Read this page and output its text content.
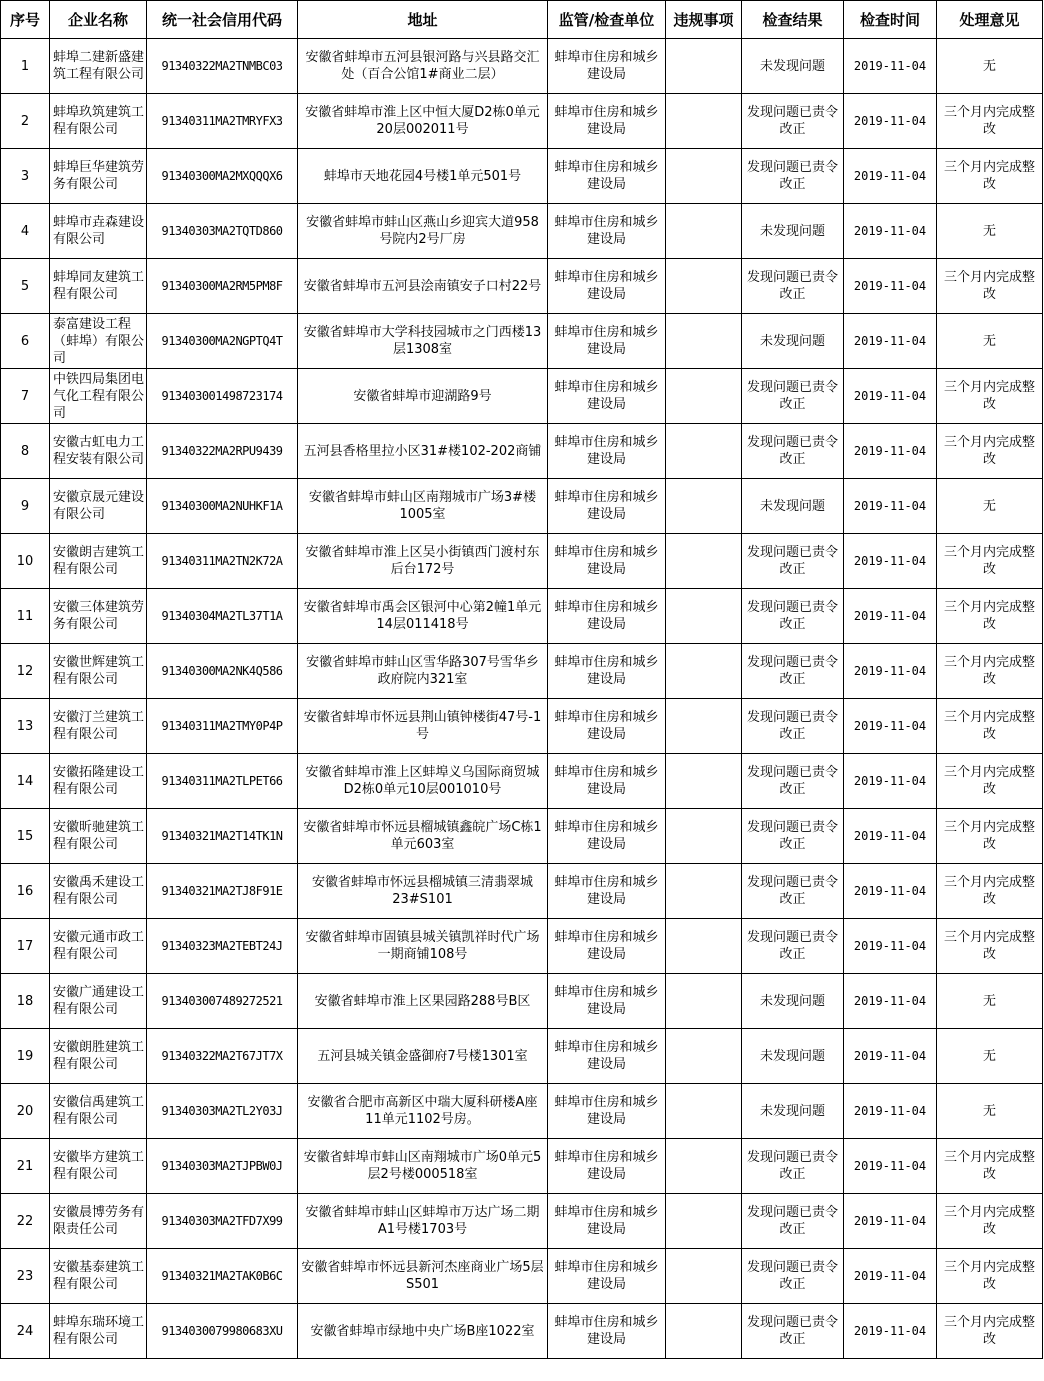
序号	企业名称	统一社会信用代码	地址	监管/检查单位	违规事项	检查结果	检查时间	处理意见
1	蚌埠二建新盛建筑工程有限公司	91340322MA2TNMBC03	安徽省蚌埠市五河县银河路与兴县路交汇处（百合公馆1#商业二层）	蚌埠市住房和城乡建设局		未发现问题	2019-11-04	无
2	蚌埠玖筑建筑工程有限公司	91340311MA2TMRYFX3	安徽省蚌埠市淮上区中恒大厦D2栋0单元20层002011号	蚌埠市住房和城乡建设局		发现问题已责令改正	2019-11-04	三个月内完成整改
3	蚌埠巨华建筑劳务有限公司	91340300MA2MXQQQX6	蚌埠市天地花园4号楼1单元501号	蚌埠市住房和城乡建设局		发现问题已责令改正	2019-11-04	三个月内完成整改
4	蚌埠市垚森建设有限公司	91340303MA2TQTD860	安徽省蚌埠市蚌山区燕山乡迎宾大道958号院内2号厂房	蚌埠市住房和城乡建设局		未发现问题	2019-11-04	无
5	蚌埠同友建筑工程有限公司	91340300MA2RM5PM8F	安徽省蚌埠市五河县浍南镇安子口村22号	蚌埠市住房和城乡建设局		发现问题已责令改正	2019-11-04	三个月内完成整改
6	泰富建设工程（蚌埠）有限公司	91340300MA2NGPTQ4T	安徽省蚌埠市大学科技园城市之门西楼13层1308室	蚌埠市住房和城乡建设局		未发现问题	2019-11-04	无
7	中铁四局集团电气化工程有限公司	913403001498723174	安徽省蚌埠市迎湖路9号	蚌埠市住房和城乡建设局		发现问题已责令改正	2019-11-04	三个月内完成整改
8	安徽古虹电力工程安装有限公司	91340322MA2RPU9439	五河县香格里拉小区31#楼102-202商铺	蚌埠市住房和城乡建设局		发现问题已责令改正	2019-11-04	三个月内完成整改
9	安徽京晟元建设有限公司	91340300MA2NUHKF1A	安徽省蚌埠市蚌山区南翔城市广场3#楼1005室	蚌埠市住房和城乡建设局		未发现问题	2019-11-04	无
10	安徽朗吉建筑工程有限公司	91340311MA2TN2K72A	安徽省蚌埠市淮上区吴小街镇西门渡村东后台172号	蚌埠市住房和城乡建设局		发现问题已责令改正	2019-11-04	三个月内完成整改
11	安徽三体建筑劳务有限公司	91340304MA2TL37T1A	安徽省蚌埠市禹会区银河中心第2幢1单元14层011418号	蚌埠市住房和城乡建设局		发现问题已责令改正	2019-11-04	三个月内完成整改
12	安徽世辉建筑工程有限公司	91340300MA2NK4Q586	安徽省蚌埠市蚌山区雪华路307号雪华乡政府院内321室	蚌埠市住房和城乡建设局		发现问题已责令改正	2019-11-04	三个月内完成整改
13	安徽汀兰建筑工程有限公司	91340311MA2TMY0P4P	安徽省蚌埠市怀远县荆山镇钟楼街47号-1号	蚌埠市住房和城乡建设局		发现问题已责令改正	2019-11-04	三个月内完成整改
14	安徽拓隆建设工程有限公司	91340311MA2TLPET66	安徽省蚌埠市淮上区蚌埠义乌国际商贸城D2栋0单元10层001010号	蚌埠市住房和城乡建设局		发现问题已责令改正	2019-11-04	三个月内完成整改
15	安徽昕驰建筑工程有限公司	91340321MA2T14TK1N	安徽省蚌埠市怀远县榴城镇鑫皖广场C栋1单元603室	蚌埠市住房和城乡建设局		发现问题已责令改正	2019-11-04	三个月内完成整改
16	安徽禹禾建设工程有限公司	91340321MA2TJ8F91E	安徽省蚌埠市怀远县榴城镇三清翡翠城23#S101	蚌埠市住房和城乡建设局		发现问题已责令改正	2019-11-04	三个月内完成整改
17	安徽元通市政工程有限公司	91340323MA2TEBT24J	安徽省蚌埠市固镇县城关镇凯祥时代广场一期商铺108号	蚌埠市住房和城乡建设局		发现问题已责令改正	2019-11-04	三个月内完成整改
18	安徽广通建设工程有限公司	913403007489272521	安徽省蚌埠市淮上区果园路288号B区	蚌埠市住房和城乡建设局		未发现问题	2019-11-04	无
19	安徽朗胜建筑工程有限公司	91340322MA2T67JT7X	五河县城关镇金盛御府7号楼1301室	蚌埠市住房和城乡建设局		未发现问题	2019-11-04	无
20	安徽信禹建筑工程有限公司	91340303MA2TL2Y03J	安徽省合肥市高新区中瑞大厦科研楼A座11单元1102号房。	蚌埠市住房和城乡建设局		未发现问题	2019-11-04	无
21	安徽毕方建筑工程有限公司	91340303MA2TJPBW0J	安徽省蚌埠市蚌山区南翔城市广场0单元5层2号楼000518室	蚌埠市住房和城乡建设局		发现问题已责令改正	2019-11-04	三个月内完成整改
22	安徽晨博劳务有限责任公司	91340303MA2TFD7X99	安徽省蚌埠市蚌山区蚌埠市万达广场二期A1号楼1703号	蚌埠市住房和城乡建设局		发现问题已责令改正	2019-11-04	三个月内完成整改
23	安徽基泰建筑工程有限公司	91340321MA2TAK0B6C	安徽省蚌埠市怀远县新河杰座商业广场5层S501	蚌埠市住房和城乡建设局		发现问题已责令改正	2019-11-04	三个月内完成整改
24	蚌埠东瑞环境工程有限公司	9134030079980683XU	安徽省蚌埠市绿地中央广场B座1022室	蚌埠市住房和城乡建设局		发现问题已责令改正	2019-11-04	三个月内完成整改
